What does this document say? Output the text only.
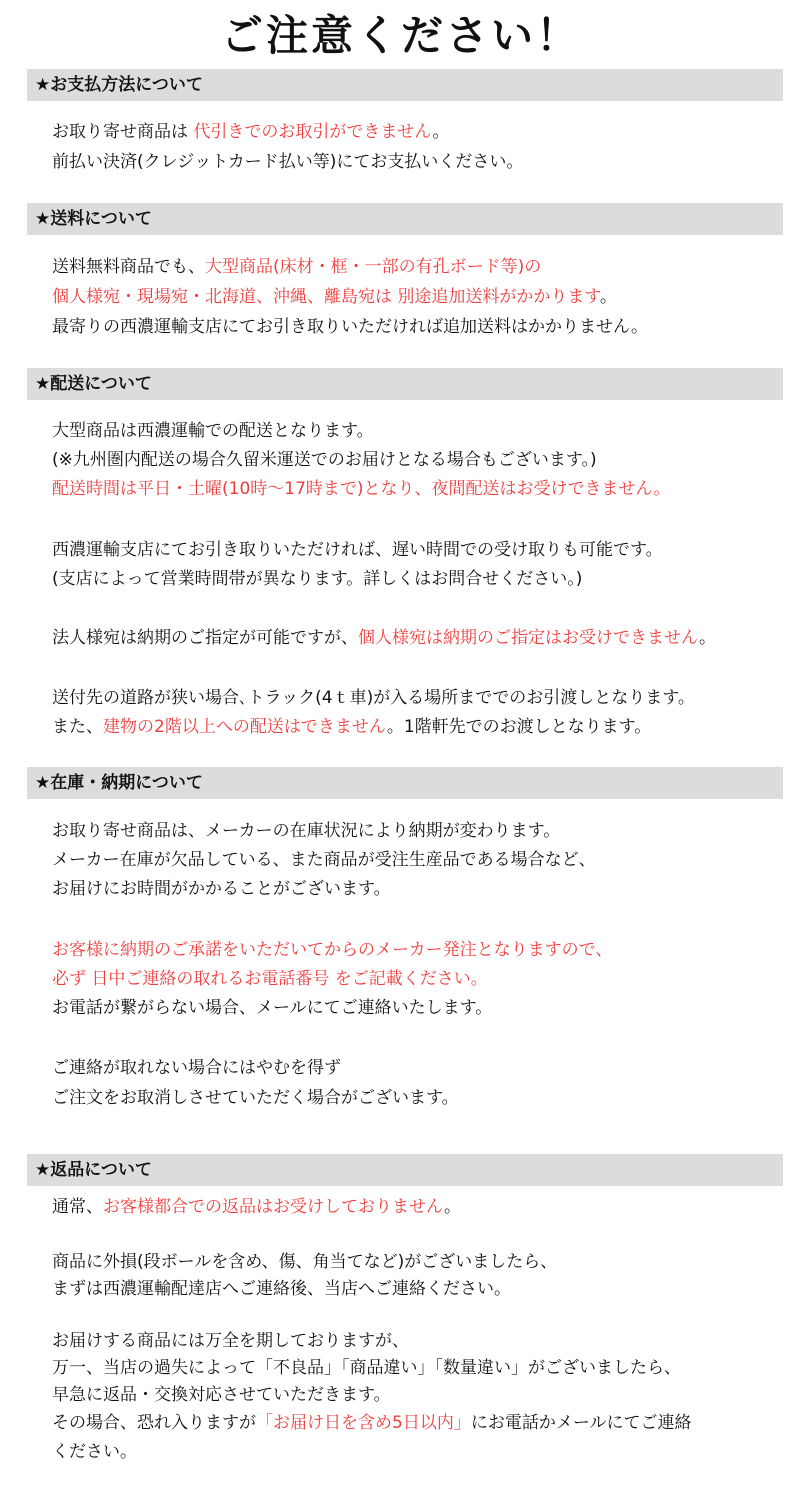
ご注意ください！
★お支払方法について
お取り寄せ商品は 代引きでのお取引ができません。
前払い決済(クレジットカード払い等)にてお支払いください。
★送料について
送料無料商品でも、大型商品(床材・框・一部の有孔ボード等)の
個人様宛・現場宛・北海道、沖縄、離島宛は 別途追加送料がかかります。
最寄りの西濃運輸支店にてお引き取りいただければ追加送料はかかりません。
★配送について
大型商品は西濃運輸での配送となります。
(※九州圏内配送の場合久留米運送でのお届けとなる場合もございます。)
配送時間は平日・土曜(10時～17時まで)となり、夜間配送はお受けできません。
西濃運輸支店にてお引き取りいただければ、遅い時間での受け取りも可能です。
(支店によって営業時間帯が異なります。詳しくはお問合せください。)
法人様宛は納期のご指定が可能ですが、個人様宛は納期のご指定はお受けできません。
送付先の道路が狭い場合､トラック(4ｔ車)が入る場所まででのお引渡しとなります。
また、建物の2階以上への配送はできません。1階軒先でのお渡しとなります。
★在庫・納期について
お取り寄せ商品は、メーカーの在庫状況により納期が変わります。
メーカー在庫が欠品している、また商品が受注生産品である場合など、
お届けにお時間がかかることがございます。
お客様に納期のご承諾をいただいてからのメーカー発注となりますので、
必ず 日中ご連絡の取れるお電話番号 をご記載ください。
お電話が繋がらない場合、メールにてご連絡いたします。
ご連絡が取れない場合にはやむを得ず
ご注文をお取消しさせていただく場合がございます。
★返品について
通常、お客様都合での返品はお受けしておりません。
商品に外損(段ボールを含め、傷、角当てなど)がございましたら、
まずは西濃運輸配達店へご連絡後、当店へご連絡ください。
お届けする商品には万全を期しておりますが、
万一、当店の過失によって「不良品」「商品違い」「数量違い」がございましたら、
早急に返品・交換対応させていただきます。
その場合、恐れ入りますが「お届け日を含め5日以内」にお電話かメールにてご連絡
ください。
